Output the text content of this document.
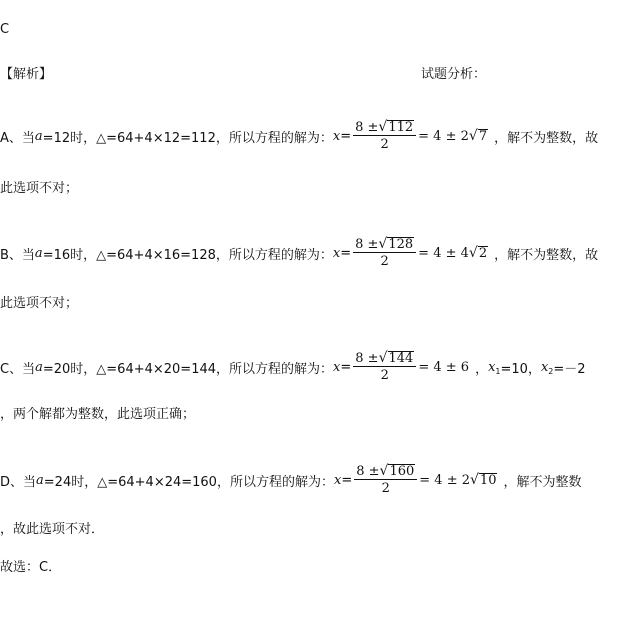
C
【解析】	试题分析：
A、当 a =12时， △=64+4×12=112，所以方程的解为： $x = \frac{8 \pm √ 112}{2} = 4 \pm 2$ √ 7 ，解不为整数，故
此选项不对；
B、当 a =16时， △=64+4×16=128，所以方程的解为： $x = \frac{8 \pm √ 128}{2} = 4 \pm 4$ √ 2 ，解不为整数，故
此选项不对；
C、当 a =20时， △=64+4×20=144，所以方程的解为： $x = \frac{8 \pm √ 144}{2} = 4 \pm 6$ ， x 1 =10， x 2 =－2
，两个解都为整数，此选项正确；
D、当 a =24时， △=64+4×24=160，所以方程的解为： $x = \frac{8 \pm √ 160}{2} = 4 \pm 2$ √ 10 ，解不为整数
，故此选项不对．
故选：C．
